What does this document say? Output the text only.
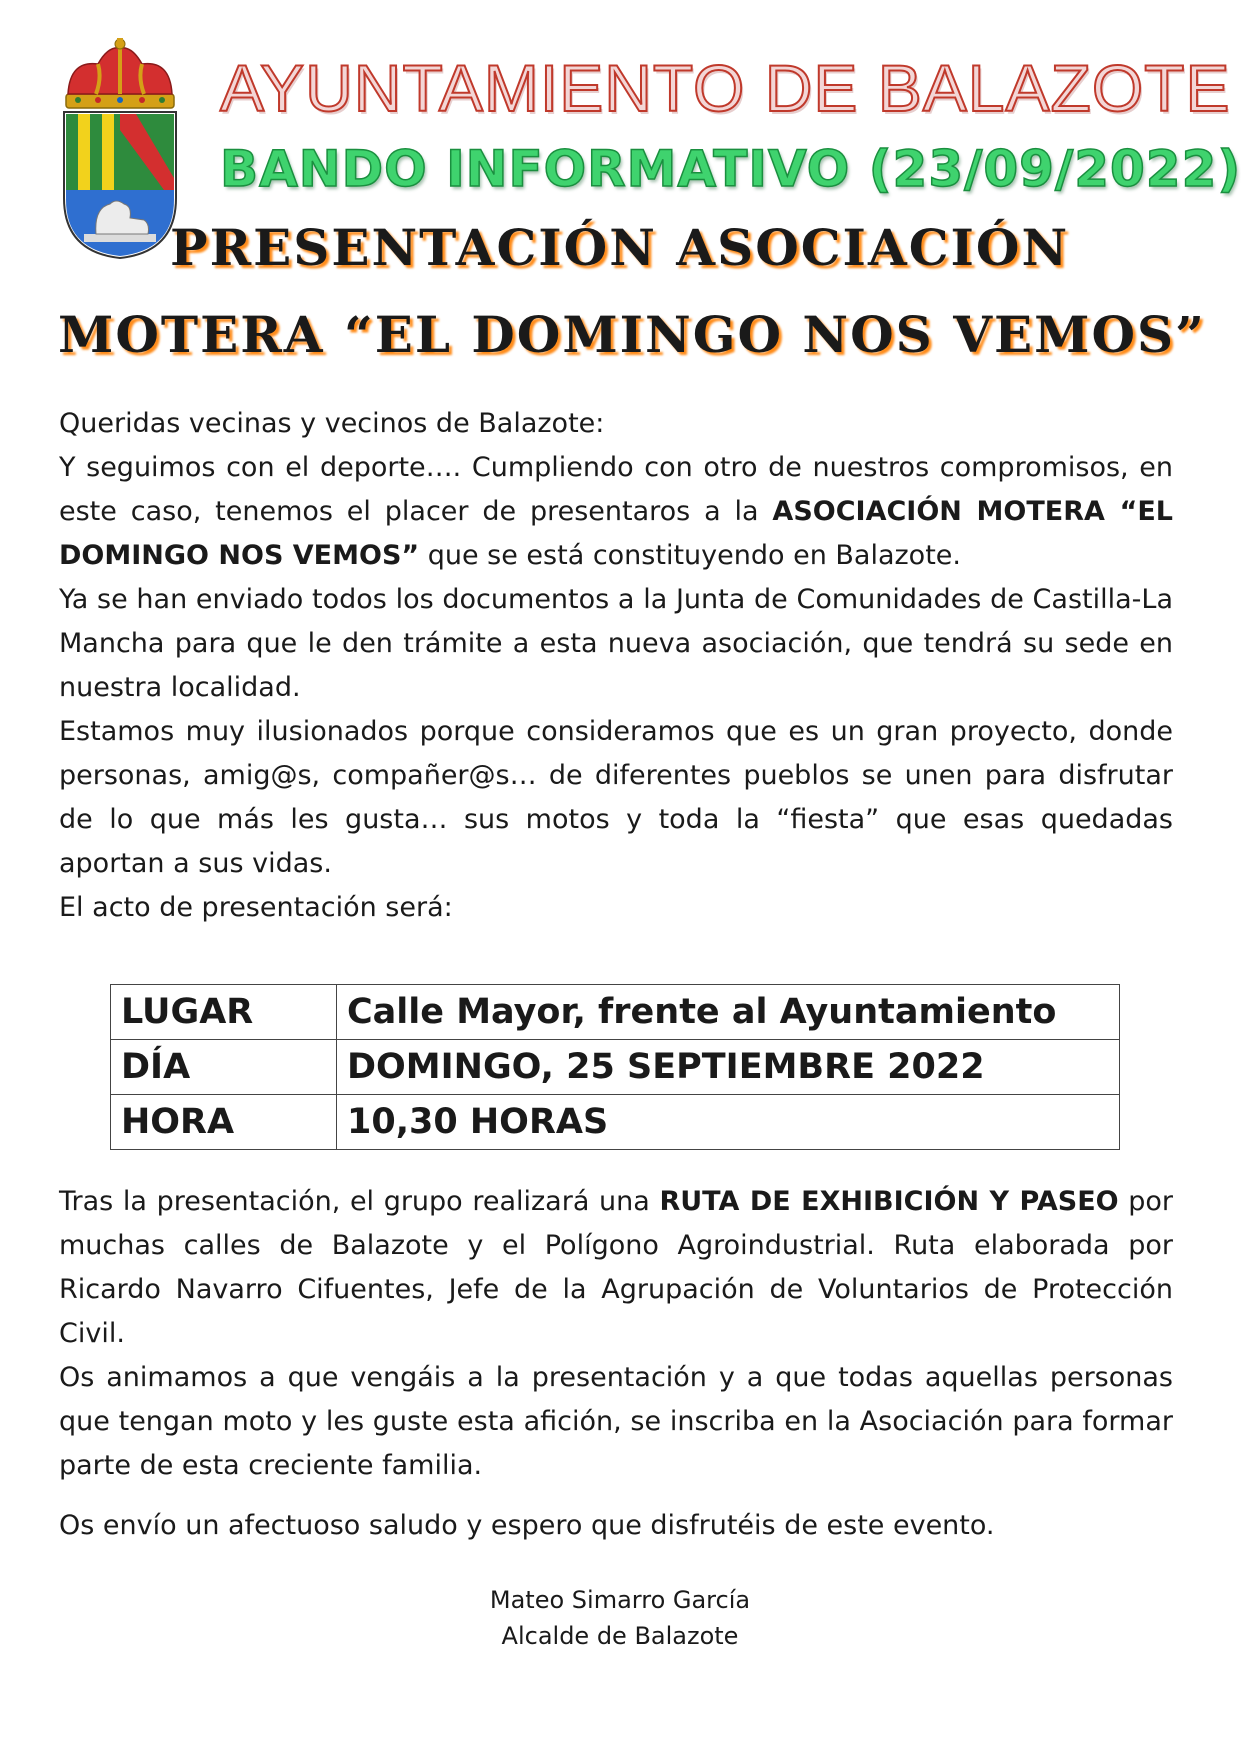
AYUNTAMIENTO DE BALAZOTE
BANDO INFORMATIVO (23/09/2022)
PRESENTACIÓN ASOCIACIÓN
MOTERA “EL DOMINGO NOS VEMOS”

Queridas vecinas y vecinos de Balazote:

Y seguimos con el deporte…. Cumpliendo con otro de nuestros compromisos, en este caso, tenemos el placer de presentaros a la ASOCIACIÓN MOTERA “EL DOMINGO NOS VEMOS” que se está constituyendo en Balazote.

Ya se han enviado todos los documentos a la Junta de Comunidades de Castilla-La Mancha para que le den trámite a esta nueva asociación, que tendrá su sede en nuestra localidad.

Estamos muy ilusionados porque consideramos que es un gran proyecto, donde personas, amig@s, compañer@s… de diferentes pueblos se unen para disfrutar de lo que más les gusta… sus motos y toda la “fiesta” que esas quedadas aportan a sus vidas.

El acto de presentación será:

LUGAR	Calle Mayor, frente al Ayuntamiento
DÍA	DOMINGO, 25 SEPTIEMBRE 2022
HORA	10,30 HORAS

Tras la presentación, el grupo realizará una RUTA DE EXHIBICIÓN Y PASEO por muchas calles de Balazote y el Polígono Agroindustrial. Ruta elaborada por Ricardo Navarro Cifuentes, Jefe de la Agrupación de Voluntarios de Protección Civil.

Os animamos a que vengáis a la presentación y a que todas aquellas personas que tengan moto y les guste esta afición, se inscriba en la Asociación para formar parte de esta creciente familia.

Os envío un afectuoso saludo y espero que disfrutéis de este evento.

Mateo Simarro García
Alcalde de Balazote
